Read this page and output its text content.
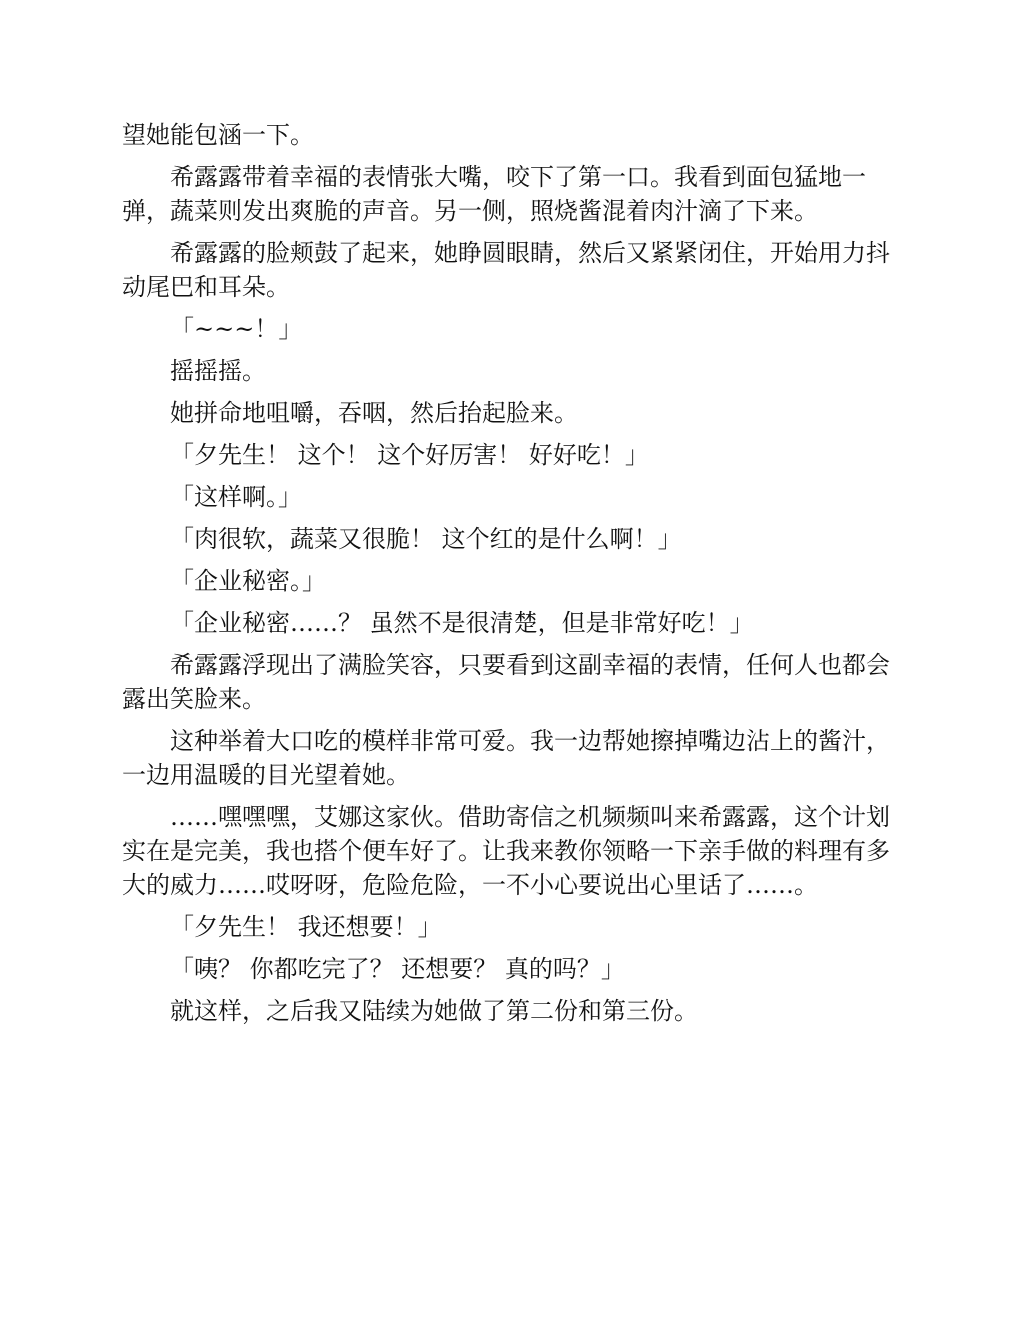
望她能包涵一下。

希露露带着幸福的表情张大嘴，咬下了第一口。我看到面包猛地一弹，蔬菜则发出爽脆的声音。另一侧，照烧酱混着肉汁滴了下来。

希露露的脸颊鼓了起来，她睁圆眼睛，然后又紧紧闭住，开始用力抖动尾巴和耳朵。

「~~~！」

摇摇摇。

她拼命地咀嚼，吞咽，然后抬起脸来。

「夕先生！ 这个！ 这个好厉害！ 好好吃！」

「这样啊。」

「肉很软，蔬菜又很脆！ 这个红的是什么啊！」

「企业秘密。」

「企业秘密……？ 虽然不是很清楚，但是非常好吃！」

希露露浮现出了满脸笑容，只要看到这副幸福的表情，任何人也都会露出笑脸来。

这种举着大口吃的模样非常可爱。我一边帮她擦掉嘴边沾上的酱汁，一边用温暖的目光望着她。

……嘿嘿嘿，艾娜这家伙。借助寄信之机频频叫来希露露，这个计划实在是完美，我也搭个便车好了。让我来教你领略一下亲手做的料理有多大的威力……哎呀呀，危险危险，一不小心要说出心里话了……。

「夕先生！ 我还想要！」

「咦？ 你都吃完了？ 还想要？ 真的吗？」

就这样，之后我又陆续为她做了第二份和第三份。
